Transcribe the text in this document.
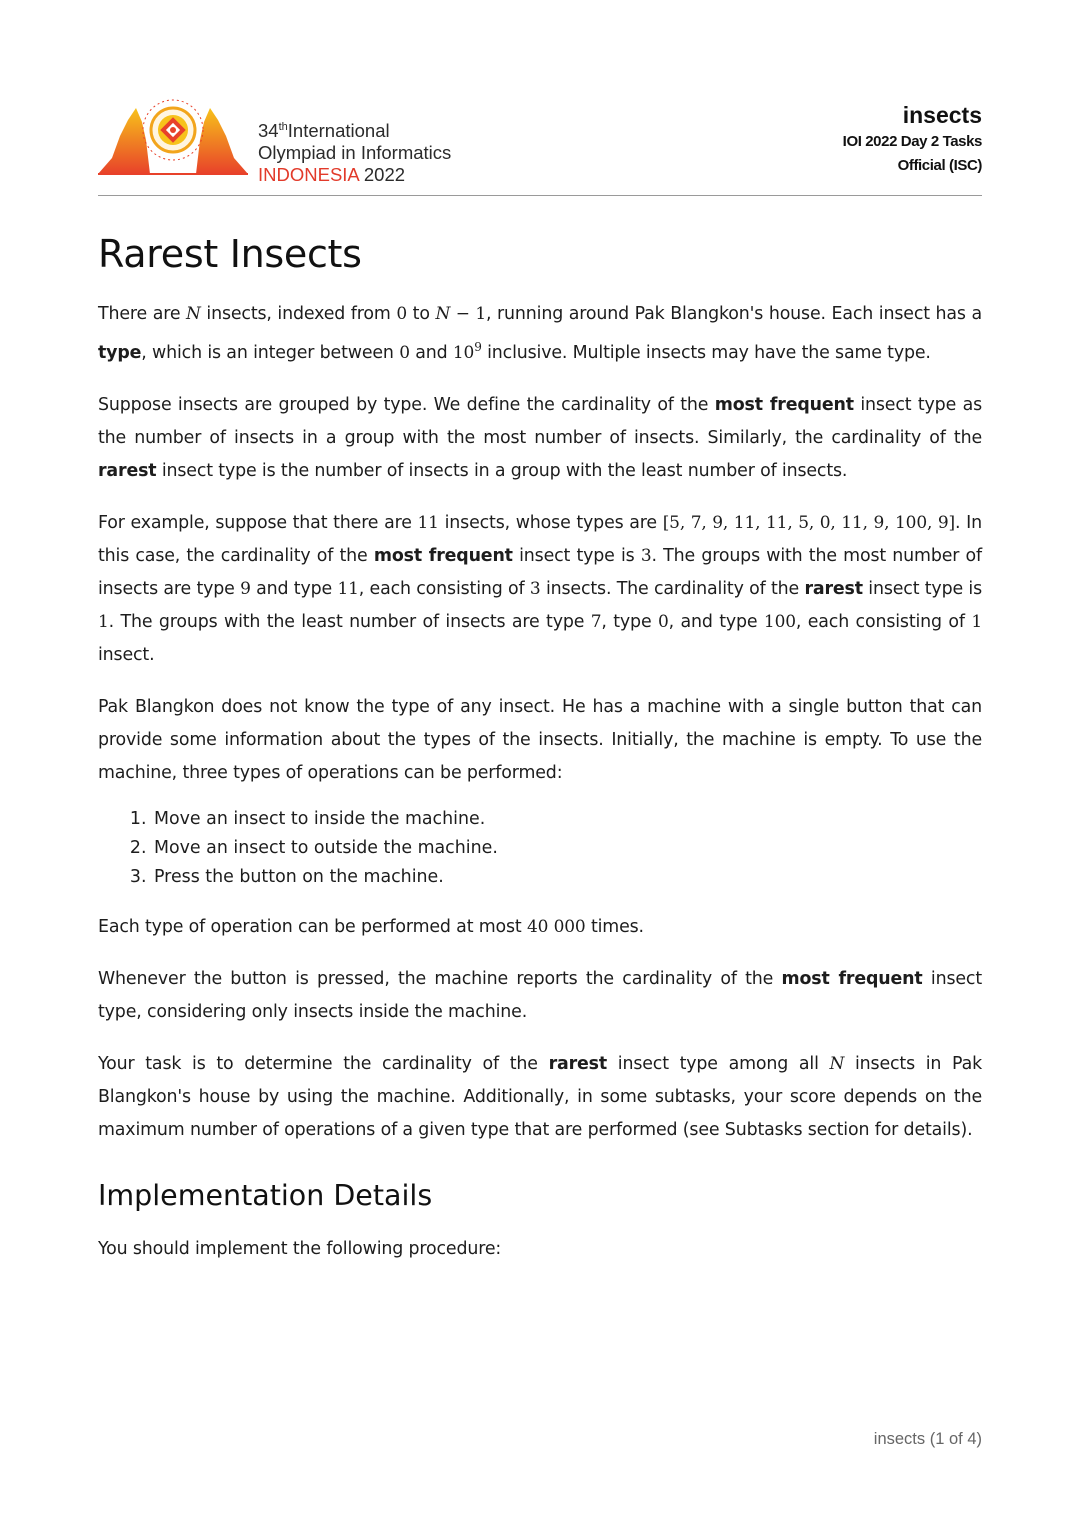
34thInternational
Olympiad in Informatics
INDONESIA 2022
insects
IOI 2022 Day 2 Tasks
Official (ISC)
Rarest Insects

There are N insects, indexed from 0 to N − 1, running around Pak Blangkon's house. Each insect has a type, which is an integer between 0 and $10^9$ inclusive. Multiple insects may have the same type.

Suppose insects are grouped by type. We define the cardinality of the most frequent insect type as the number of insects in a group with the most number of insects. Similarly, the cardinality of the rarest insect type is the number of insects in a group with the least number of insects.

For example, suppose that there are 11 insects, whose types are [5, 7, 9, 11, 11, 5, 0, 11, 9, 100, 9]. In this case, the cardinality of the most frequent insect type is 3. The groups with the most number of insects are type 9 and type 11, each consisting of 3 insects. The cardinality of the rarest insect type is 1. The groups with the least number of insects are type 7, type 0, and type 100, each consisting of 1 insect.

Pak Blangkon does not know the type of any insect. He has a machine with a single button that can provide some information about the types of the insects. Initially, the machine is empty. To use the machine, three types of operations can be performed:

1. Move an insect to inside the machine.
2. Move an insect to outside the machine.
3. Press the button on the machine.

Each type of operation can be performed at most 40 000 times.

Whenever the button is pressed, the machine reports the cardinality of the most frequent insect type, considering only insects inside the machine.

Your task is to determine the cardinality of the rarest insect type among all N insects in Pak Blangkon's house by using the machine. Additionally, in some subtasks, your score depends on the maximum number of operations of a given type that are performed (see Subtasks section for details).

Implementation Details

You should implement the following procedure:

insects (1 of 4)
